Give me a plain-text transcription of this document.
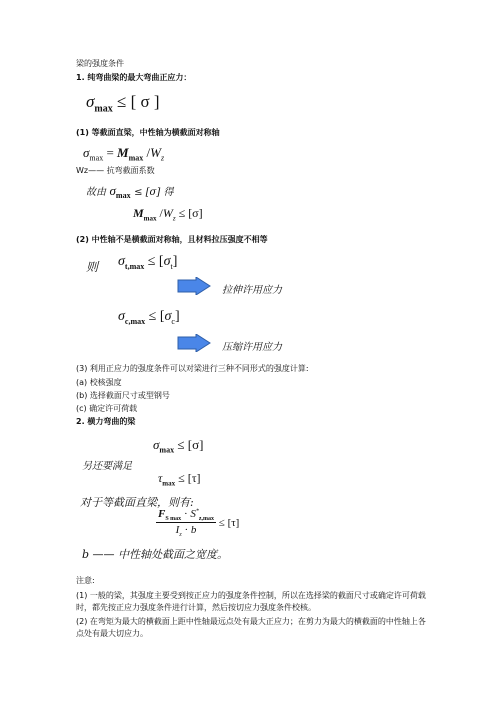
梁的强度条件
1. 纯弯曲梁的最大弯曲正应力：
$\sigma_{max}$ ≤ [ σ ]
(1) 等截面直梁，中性轴为横截面对称轴
$\sigma_{max} = M_{max}$ $/W_z$
Wz—— 抗弯截面系数
故由 $\sigma_{max} \le [\sigma]$ 得
$M_{max}$ $/W_z \le [\sigma]$
(2) 中性轴不是横截面对称轴，且材料拉压强度不相等
则 $\sigma_{t,max} \le [\sigma_t]$
拉伸许用应力
$\sigma_{c,max} \le [\sigma_c]$
压缩许用应力
(3) 利用正应力的强度条件可以对梁进行三种不同形式的强度计算:
(a) 校核强度
(b) 选择截面尺寸或型钢号
(c) 确定许可荷载
2. 横力弯曲的梁
$\sigma_{max} \le [\sigma]$
另还要满足
$\tau_{max} \le [\tau]$
对于等截面直梁，则有:
$F_{S max} \cdot S^*_{z,max}$
$I_z \cdot b$
≤ [τ]
b —— 中性轴处截面之宽度。
注意:
(1) 一般的梁，其强度主要受到按正应力的强度条件控制，所以在选择梁的截面尺寸或确定许可荷载时，都先按正应力强度条件进行计算，然后按切应力强度条件校核。
(2) 在弯矩为最大的横截面上距中性轴最远点处有最大正应力；在剪力为最大的横截面的中性轴上各点处有最大切应力。
